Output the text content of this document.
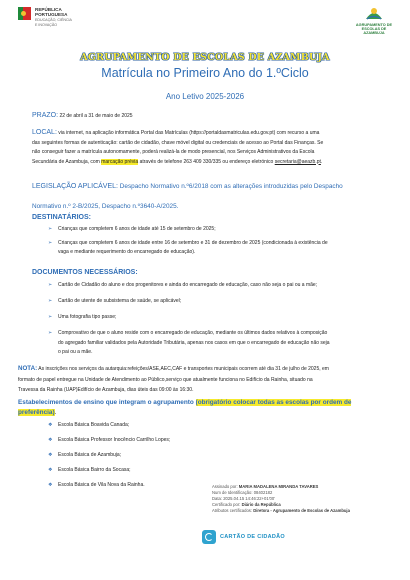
REPÚBLICA
PORTUGUESA
EDUCAÇÃO, CIÊNCIA
E INOVAÇÃO	AGRUPAMENTO DE ESCOLAS DE AZAMBUJA
AGRUPAMENTO DE ESCOLAS DE AZAMBUJA
Matrícula no Primeiro Ano do 1.ºCiclo
Ano Letivo 2025-2026
PRAZO: 22 de abril a 31 de maio de 2025
LOCAL: via internet, na aplicação informática Portal das Matrículas (https://portaldasmatriculas.edu.gov.pt) com recurso a uma
das seguintes formas de autenticação: cartão de cidadão, chave móvel digital ou credenciais de acesso ao Portal das Finanças. Se
não conseguir fazer a matrícula autonomamente, poderá realizá-la de modo presencial, nos Serviços Administrativos da Escola
Secundária de Azambuja, com marcação prévia através de telefone 263 409 330/335 ou endereço eletrónico secretaria@aeazb.pt.
LEGISLAÇÃO APLICÁVEL: Despacho Normativo n.º6/2018 com as alterações introduzidas pelo Despacho
Normativo n.º 2-B/2025, Despacho n.º3640-A/2025.
DESTINATÁRIOS:
➢ Crianças que completem 6 anos de idade até 15 de setembro de 2025;
➢ Crianças que completem 6 anos de idade entre 16 de setembro e 31 de dezembro de 2025 (condicionada à existência de
vaga e mediante requerimento do encarregado de educação).
DOCUMENTOS NECESSÁRIOS:
➢ Cartão de Cidadão do aluno e dos progenitores e ainda do encarregado de educação, caso não seja o pai ou a mãe;
➢ Cartão de utente de subsistema de saúde, se aplicável;
➢ Uma fotografia tipo passe;
➢ Comprovativo de que o aluno reside com o encarregado de educação, mediante os últimos dados relativos à composição
do agregado familiar validados pela Autoridade Tributária, apenas nos casos em que o encarregado de educação não seja
o pai ou a mãe.
NOTA: As inscrições nos serviços da autarquia:refeições/ASE,AEC,CAF e transportes municipais ocorrem até dia 31 de julho de 2025, em
formato de papel entregue na Unidade de Atendimento ao Público,serviço que atualmente funciona no Edifício da Rainha, situado na
Travessa da Rainha (UAP)Edifício de Azambuja, dias úteis das 09:00 às 16:30.
Estabelecimentos de ensino que integram o agrupamento (obrigatório colocar todas as escolas por ordem de
preferência).
❖ Escola Básica Boavida Canada;
❖ Escola Básica Professor Inocêncio Carrilho Lopes;
❖ Escola Básica de Azambuja;
❖ Escola Básica Bairro da Socasa;
❖ Escola Básica de Vila Nova da Rainha.	Assinado por: MARIA MADALENA MIRANDA TAVARES
Num de Identificação: 08402182
Data: 2025.04.15 14:46:22+01'00'
Certificado por: Diário da República
Atributos certificados: Diretora - Agrupamento de Escolas de Azambuja
CARTÃO DE CIDADÃO
